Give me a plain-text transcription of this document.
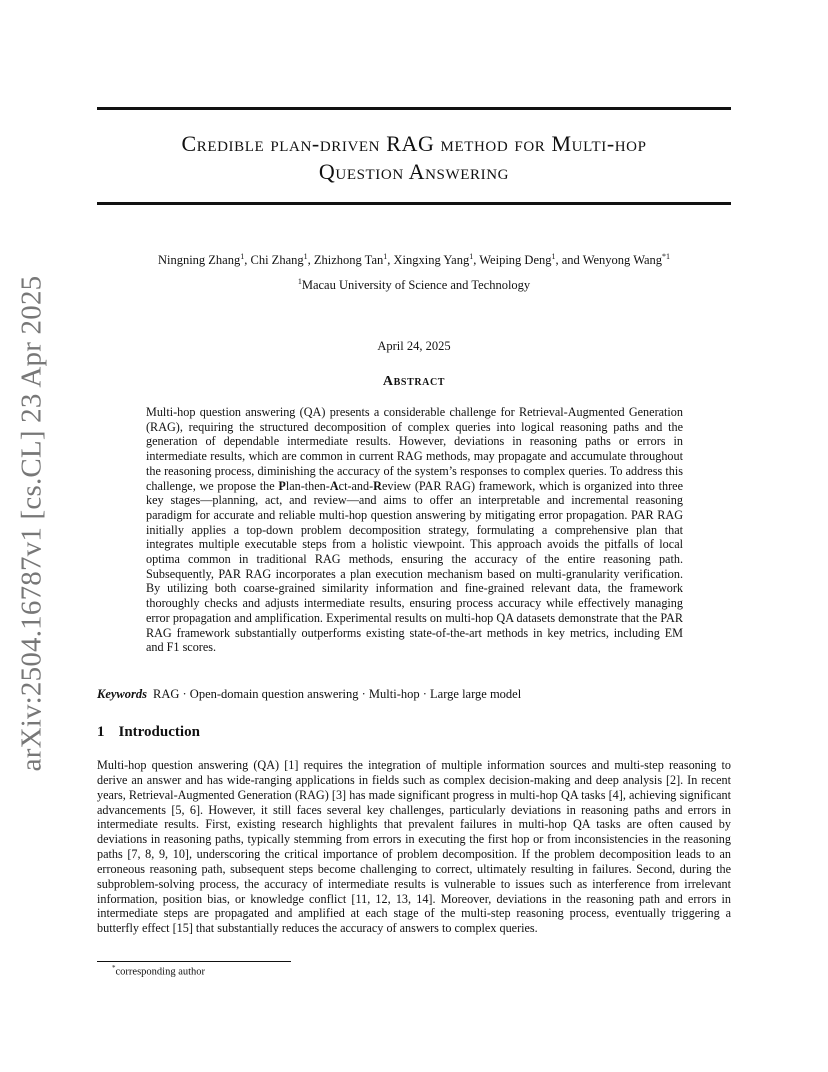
arXiv:2504.16787v1 [cs.CL] 23 Apr 2025
Credible plan-driven RAG method for Multi-hop
Question Answering
Ningning Zhang$^1$, Chi Zhang$^1$, Zhizhong Tan$^1$, Xingxing Yang$^1$, Weiping Deng$^1$, and Wenyong Wang$^{*1}$
$^1$Macau University of Science and Technology
April 24, 2025
Abstract

Multi-hop question answering (QA) presents a considerable challenge for Retrieval-Augmented Generation (RAG), requiring the structured decomposition of complex queries into logical reasoning paths and the generation of dependable intermediate results. However, deviations in reasoning paths or errors in intermediate results, which are common in current RAG methods, may propagate and accumulate throughout the reasoning process, diminishing the accuracy of the system’s responses to complex queries. To address this challenge, we propose the Plan-then-Act-and-Review (PAR RAG) framework, which is organized into three key stages—planning, act, and review—and aims to offer an interpretable and incremental reasoning paradigm for accurate and reliable multi-hop question answering by mitigating error propagation. PAR RAG initially applies a top-down problem decomposition strategy, formulating a comprehensive plan that integrates multiple executable steps from a holistic viewpoint. This approach avoids the pitfalls of local optima common in traditional RAG methods, ensuring the accuracy of the entire reasoning path. Subsequently, PAR RAG incorporates a plan execution mechanism based on multi-granularity verification. By utilizing both coarse-grained similarity information and fine-grained relevant data, the framework thoroughly checks and adjusts intermediate results, ensuring process accuracy while effectively managing error propagation and amplification. Experimental results on multi-hop QA datasets demonstrate that the PAR RAG framework substantially outperforms existing state-of-the-art methods in key metrics, including EM and F1 scores.

Keywords RAG · Open-domain question answering · Multi-hop · Large large model
1 Introduction

Multi-hop question answering (QA) [1] requires the integration of multiple information sources and multi-step reasoning to derive an answer and has wide-ranging applications in fields such as complex decision-making and deep analysis [2]. In recent years, Retrieval-Augmented Generation (RAG) [3] has made significant progress in multi-hop QA tasks [4], achieving significant advancements [5, 6]. However, it still faces several key challenges, particularly deviations in reasoning paths and errors in intermediate results. First, existing research highlights that prevalent failures in multi-hop QA tasks are often caused by deviations in reasoning paths, typically stemming from errors in executing the first hop or from inconsistencies in the reasoning paths [7, 8, 9, 10], underscoring the critical importance of problem decomposition. If the problem decomposition leads to an erroneous reasoning path, subsequent steps become challenging to correct, ultimately resulting in failures. Second, during the subproblem-solving process, the accuracy of intermediate results is vulnerable to issues such as interference from irrelevant information, position bias, or knowledge conflict [11, 12, 13, 14]. Moreover, deviations in the reasoning path and errors in intermediate steps are propagated and amplified at each stage of the multi-step reasoning process, eventually triggering a butterfly effect [15] that substantially reduces the accuracy of answers to complex queries.

*corresponding author
